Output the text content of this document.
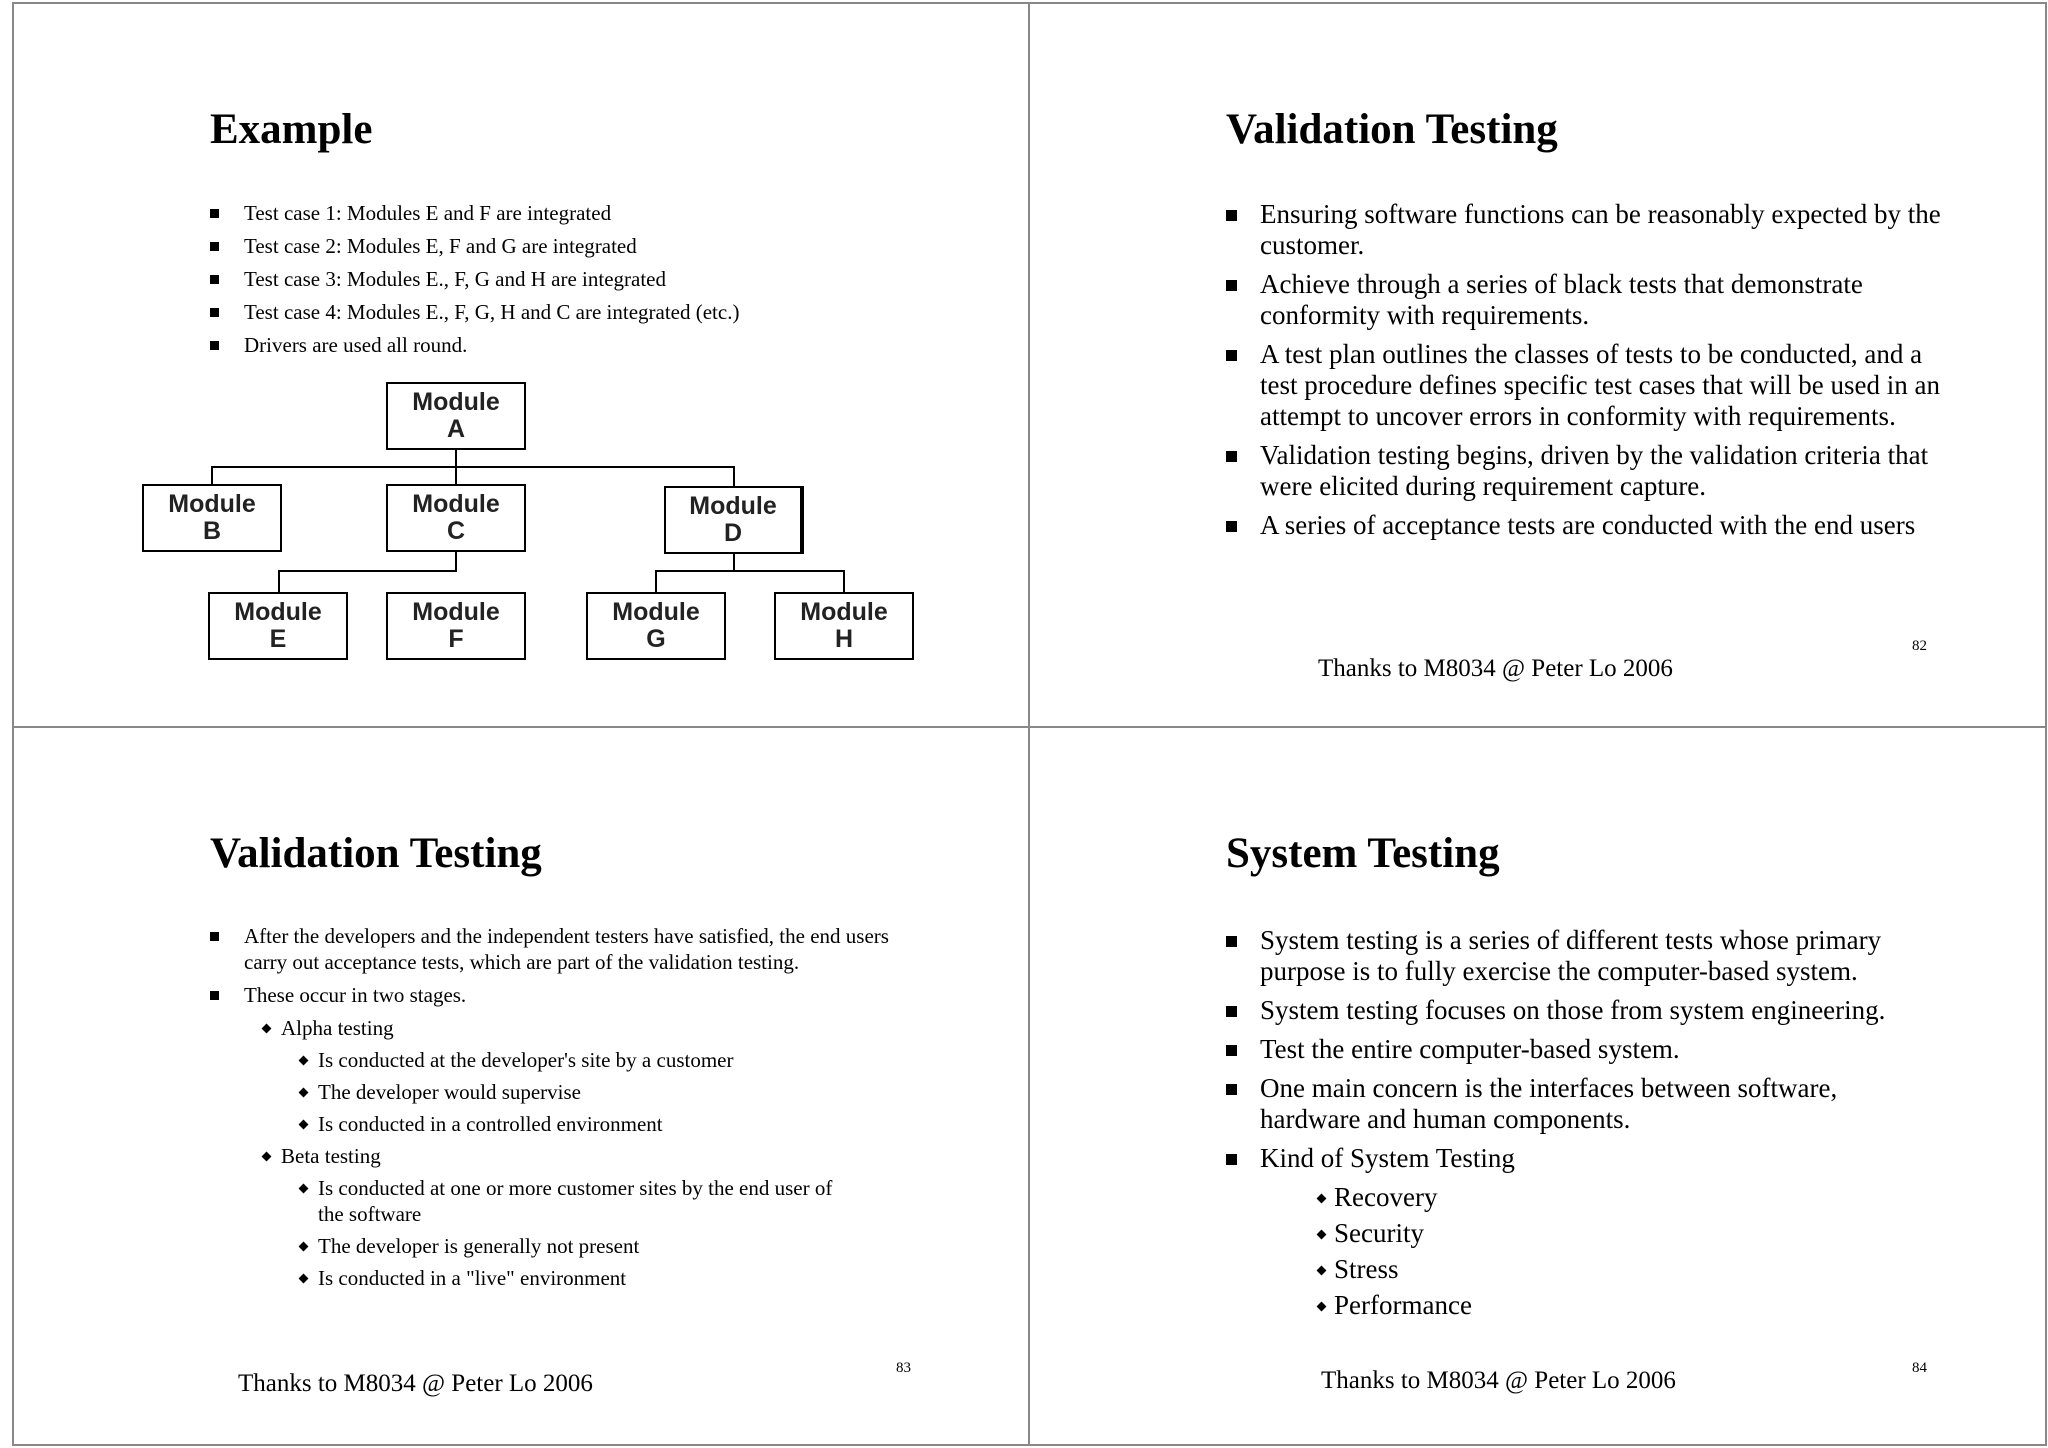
Example
Test case 1: Modules E and F are integrated
Test case 2: Modules E, F and G are integrated
Test case 3: Modules E., F, G and H are integrated
Test case 4: Modules E., F, G, H and C are integrated (etc.)
Drivers are used all round.
Module
A
Module
B
Module
C
Module
D
Module
E
Module
F
Module
G
Module
H
Validation Testing
Ensuring software functions can be reasonably expected by the customer.
Achieve through a series of black tests that demonstrate conformity with requirements.
A test plan outlines the classes of tests to be conducted, and a test procedure defines specific test cases that will be used in an attempt to uncover errors in conformity with requirements.
Validation testing begins, driven by the validation criteria that were elicited during requirement capture.
A series of acceptance tests are conducted with the end users
Thanks to M8034 @ Peter Lo 2006
82
Validation Testing
After the developers and the independent testers have satisfied, the end users carry out acceptance tests, which are part of the validation testing.
These occur in two stages.
Alpha testing
Is conducted at the developer's site by a customer
The developer would supervise
Is conducted in a controlled environment
Beta testing
Is conducted at one or more customer sites by the end user of the software
The developer is generally not present
Is conducted in a "live" environment
Thanks to M8034 @ Peter Lo 2006
83
System Testing
System testing is a series of different tests whose primary purpose is to fully exercise the computer-based system.
System testing focuses on those from system engineering.
Test the entire computer-based system.
One main concern is the interfaces between software, hardware and human components.
Kind of System Testing
Recovery
Security
Stress
Performance
Thanks to M8034 @ Peter Lo 2006	84
